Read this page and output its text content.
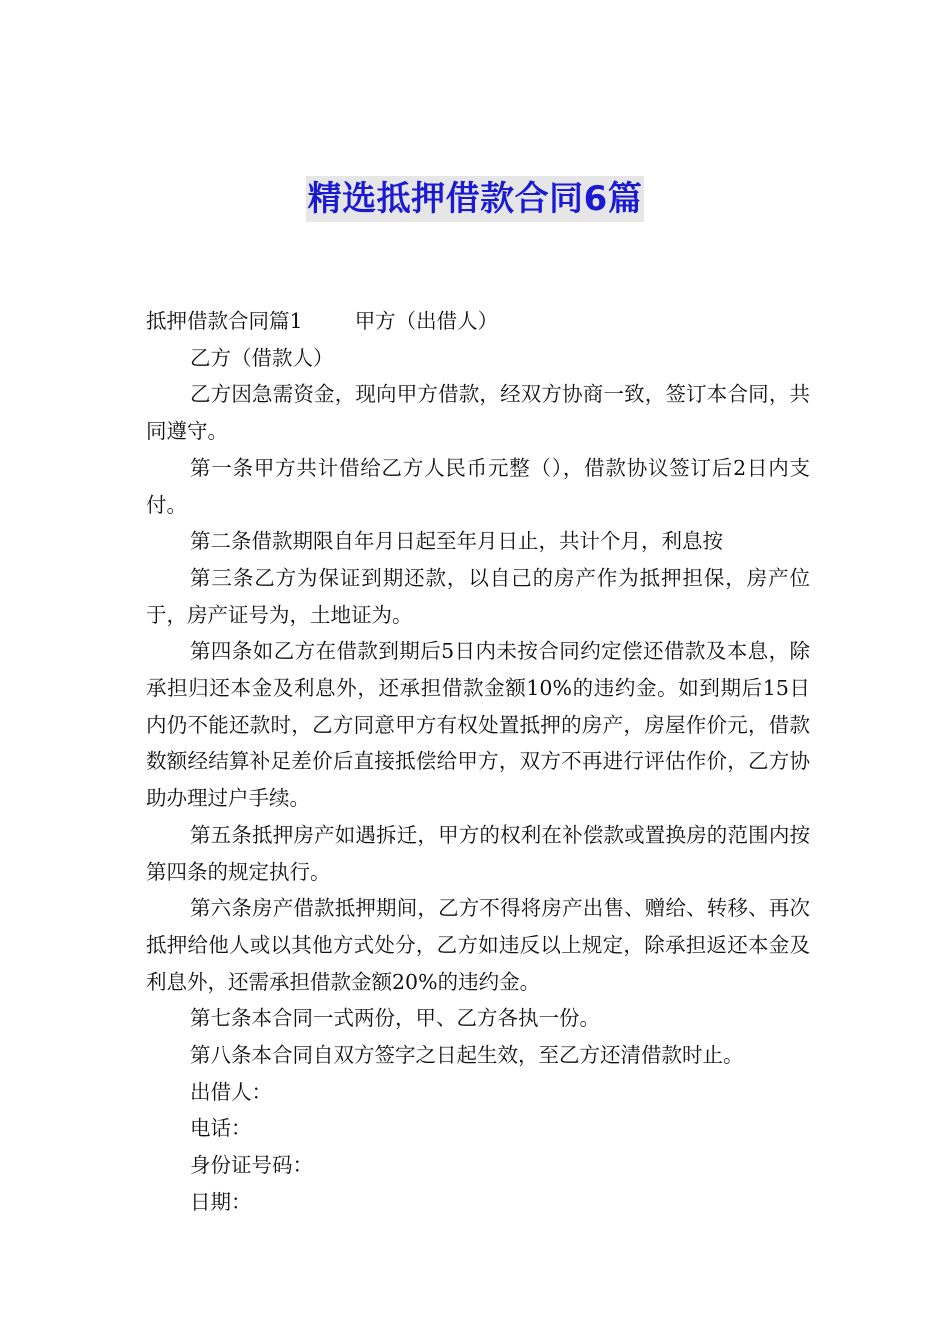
精选抵押借款合同6篇

抵押借款合同篇1	甲方（出借人）

乙方（借款人）

乙方因急需资金，现向甲方借款，经双方协商一致，签订本合同，共同遵守。

第一条甲方共计借给乙方人民币元整（），借款协议签订后2日内支付。

第二条借款期限自年月日起至年月日止，共计个月，利息按

第三条乙方为保证到期还款，以自己的房产作为抵押担保，房产位于，房产证号为，土地证为。

第四条如乙方在借款到期后5日内未按合同约定偿还借款及本息，除承担归还本金及利息外，还承担借款金额10%的违约金。如到期后15日内仍不能还款时，乙方同意甲方有权处置抵押的房产，房屋作价元，借款数额经结算补足差价后直接抵偿给甲方，双方不再进行评估作价，乙方协助办理过户手续。

第五条抵押房产如遇拆迁，甲方的权利在补偿款或置换房的范围内按第四条的规定执行。

第六条房产借款抵押期间，乙方不得将房产出售、赠给、转移、再次抵押给他人或以其他方式处分，乙方如违反以上规定，除承担返还本金及利息外，还需承担借款金额20%的违约金。

第七条本合同一式两份，甲、乙方各执一份。

第八条本合同自双方签字之日起生效，至乙方还清借款时止。

出借人：

电话：

身份证号码：

日期：
